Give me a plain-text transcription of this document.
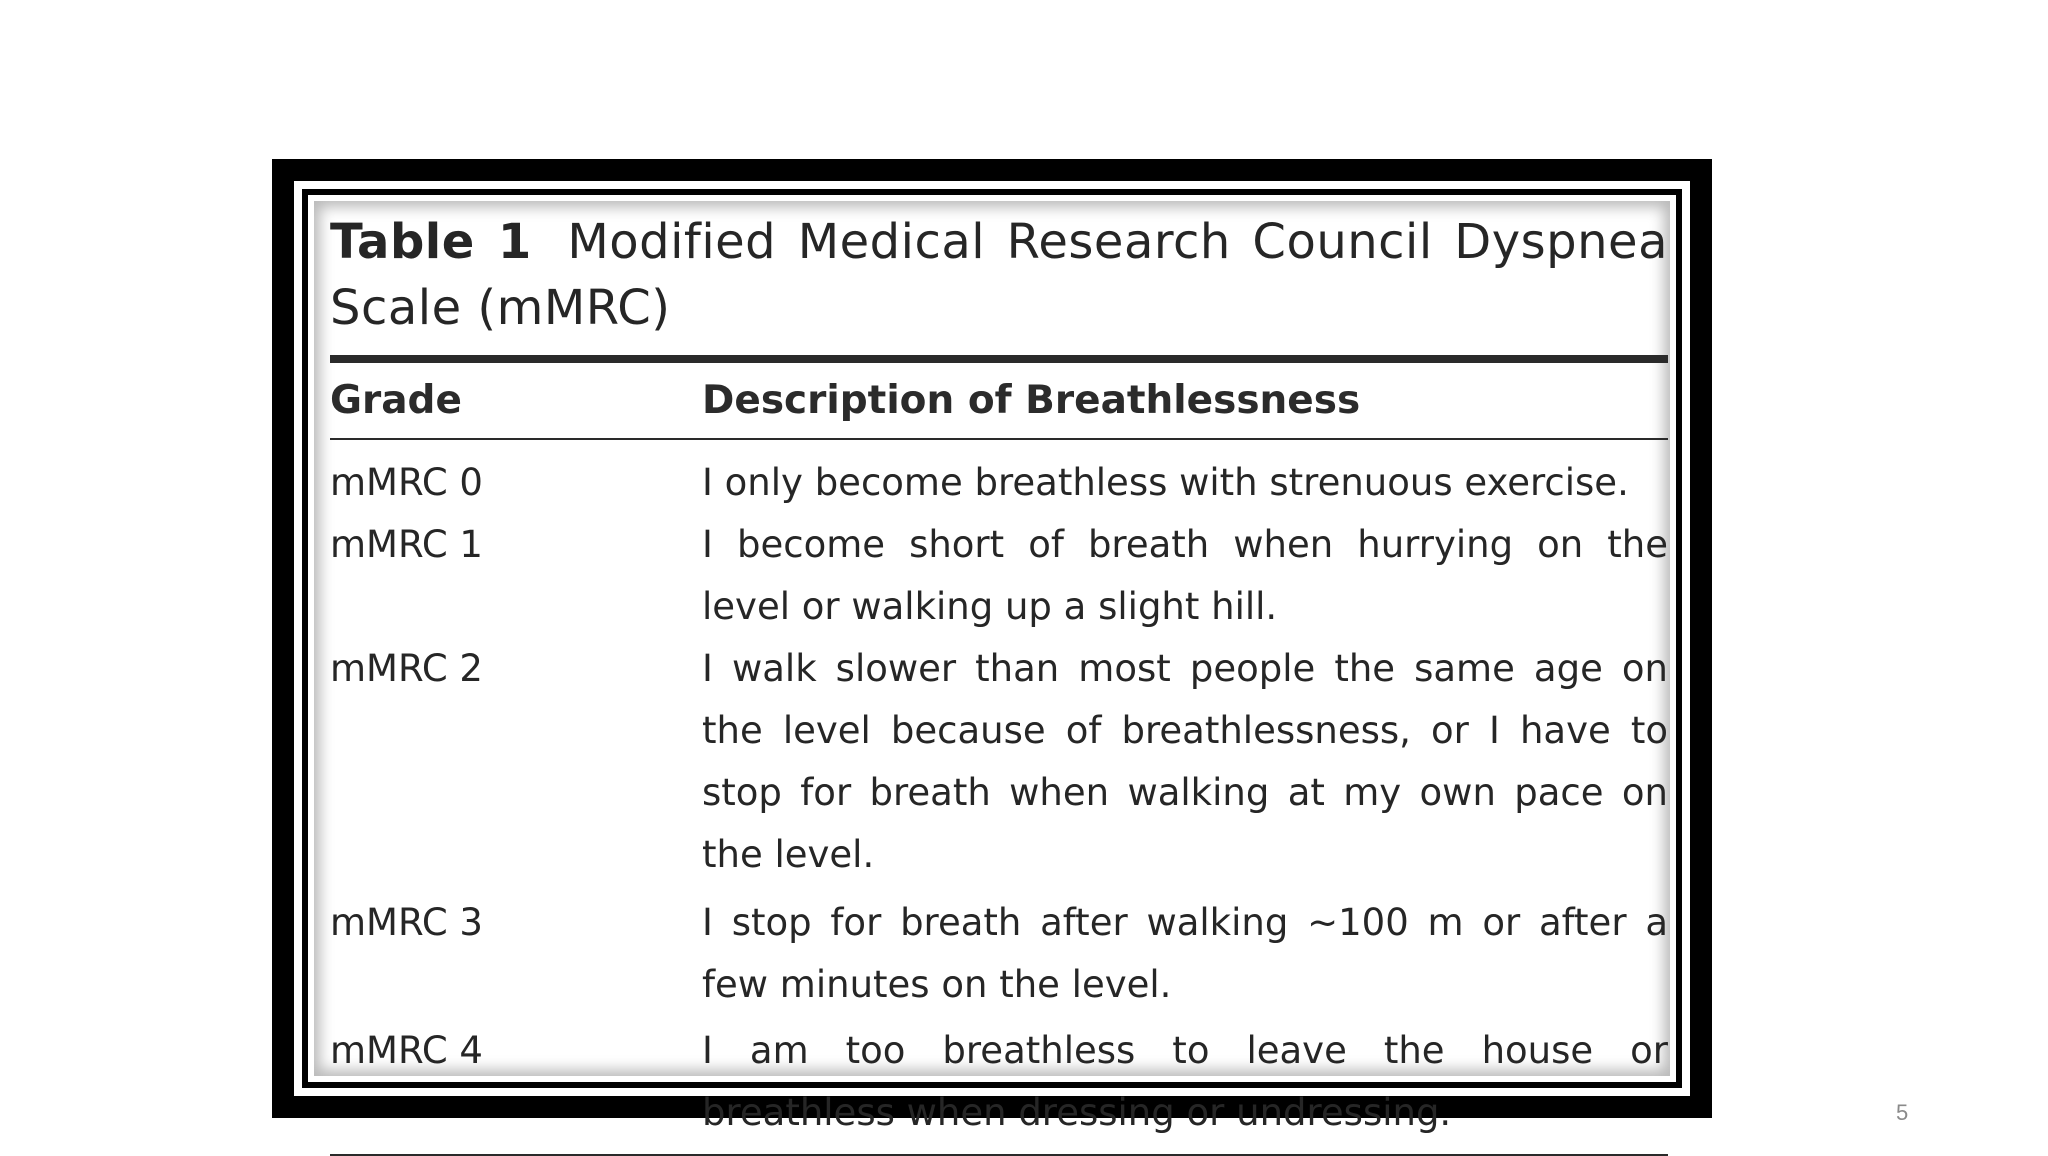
Table 1 Modified Medical Research Council Dyspnea Scale (mMRC)
Grade	Description of Breathlessness
mMRC 0	I only become breathless with strenuous exercise.
mMRC 1	I become short of breath when hurrying on the level or walking up a slight hill.
mMRC 2	I walk slower than most people the same age on the level because of breathlessness, or I have to stop for breath when walking at my own pace on the level.
mMRC 3	I stop for breath after walking ~100 m or after a few minutes on the level.
mMRC 4	I am too breathless to leave the house or breathless when dressing or undressing.	5
